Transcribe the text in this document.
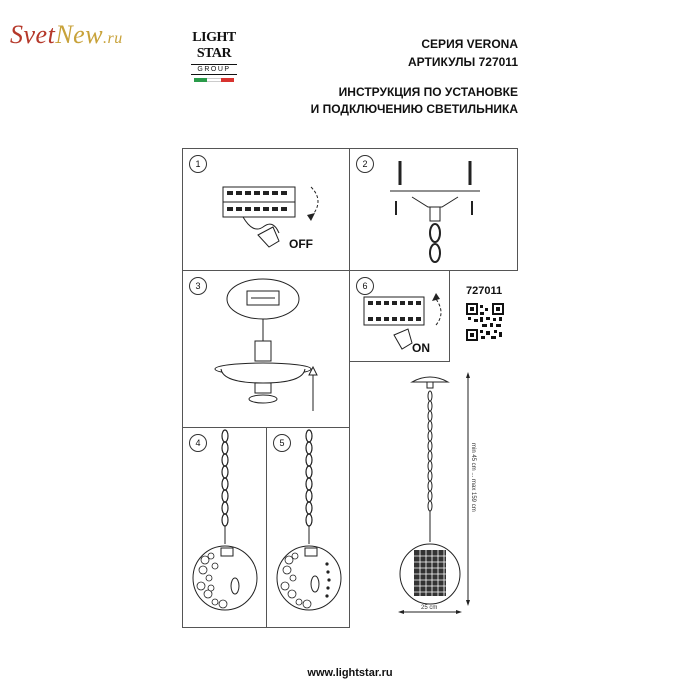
SvetNew.ru	LIGHT
STAR
GROUP
СЕРИЯ VERONA
АРТИКУЛЫ 727011
ИНСТРУКЦИЯ ПО УСТАНОВКЕ
И ПОДКЛЮЧЕНИЮ СВЕТИЛЬНИКА
1
OFF
2
3	6
ON
727011
4	5	min 45 cm ... max 159 cm
25 cm
www.lightstar.ru
